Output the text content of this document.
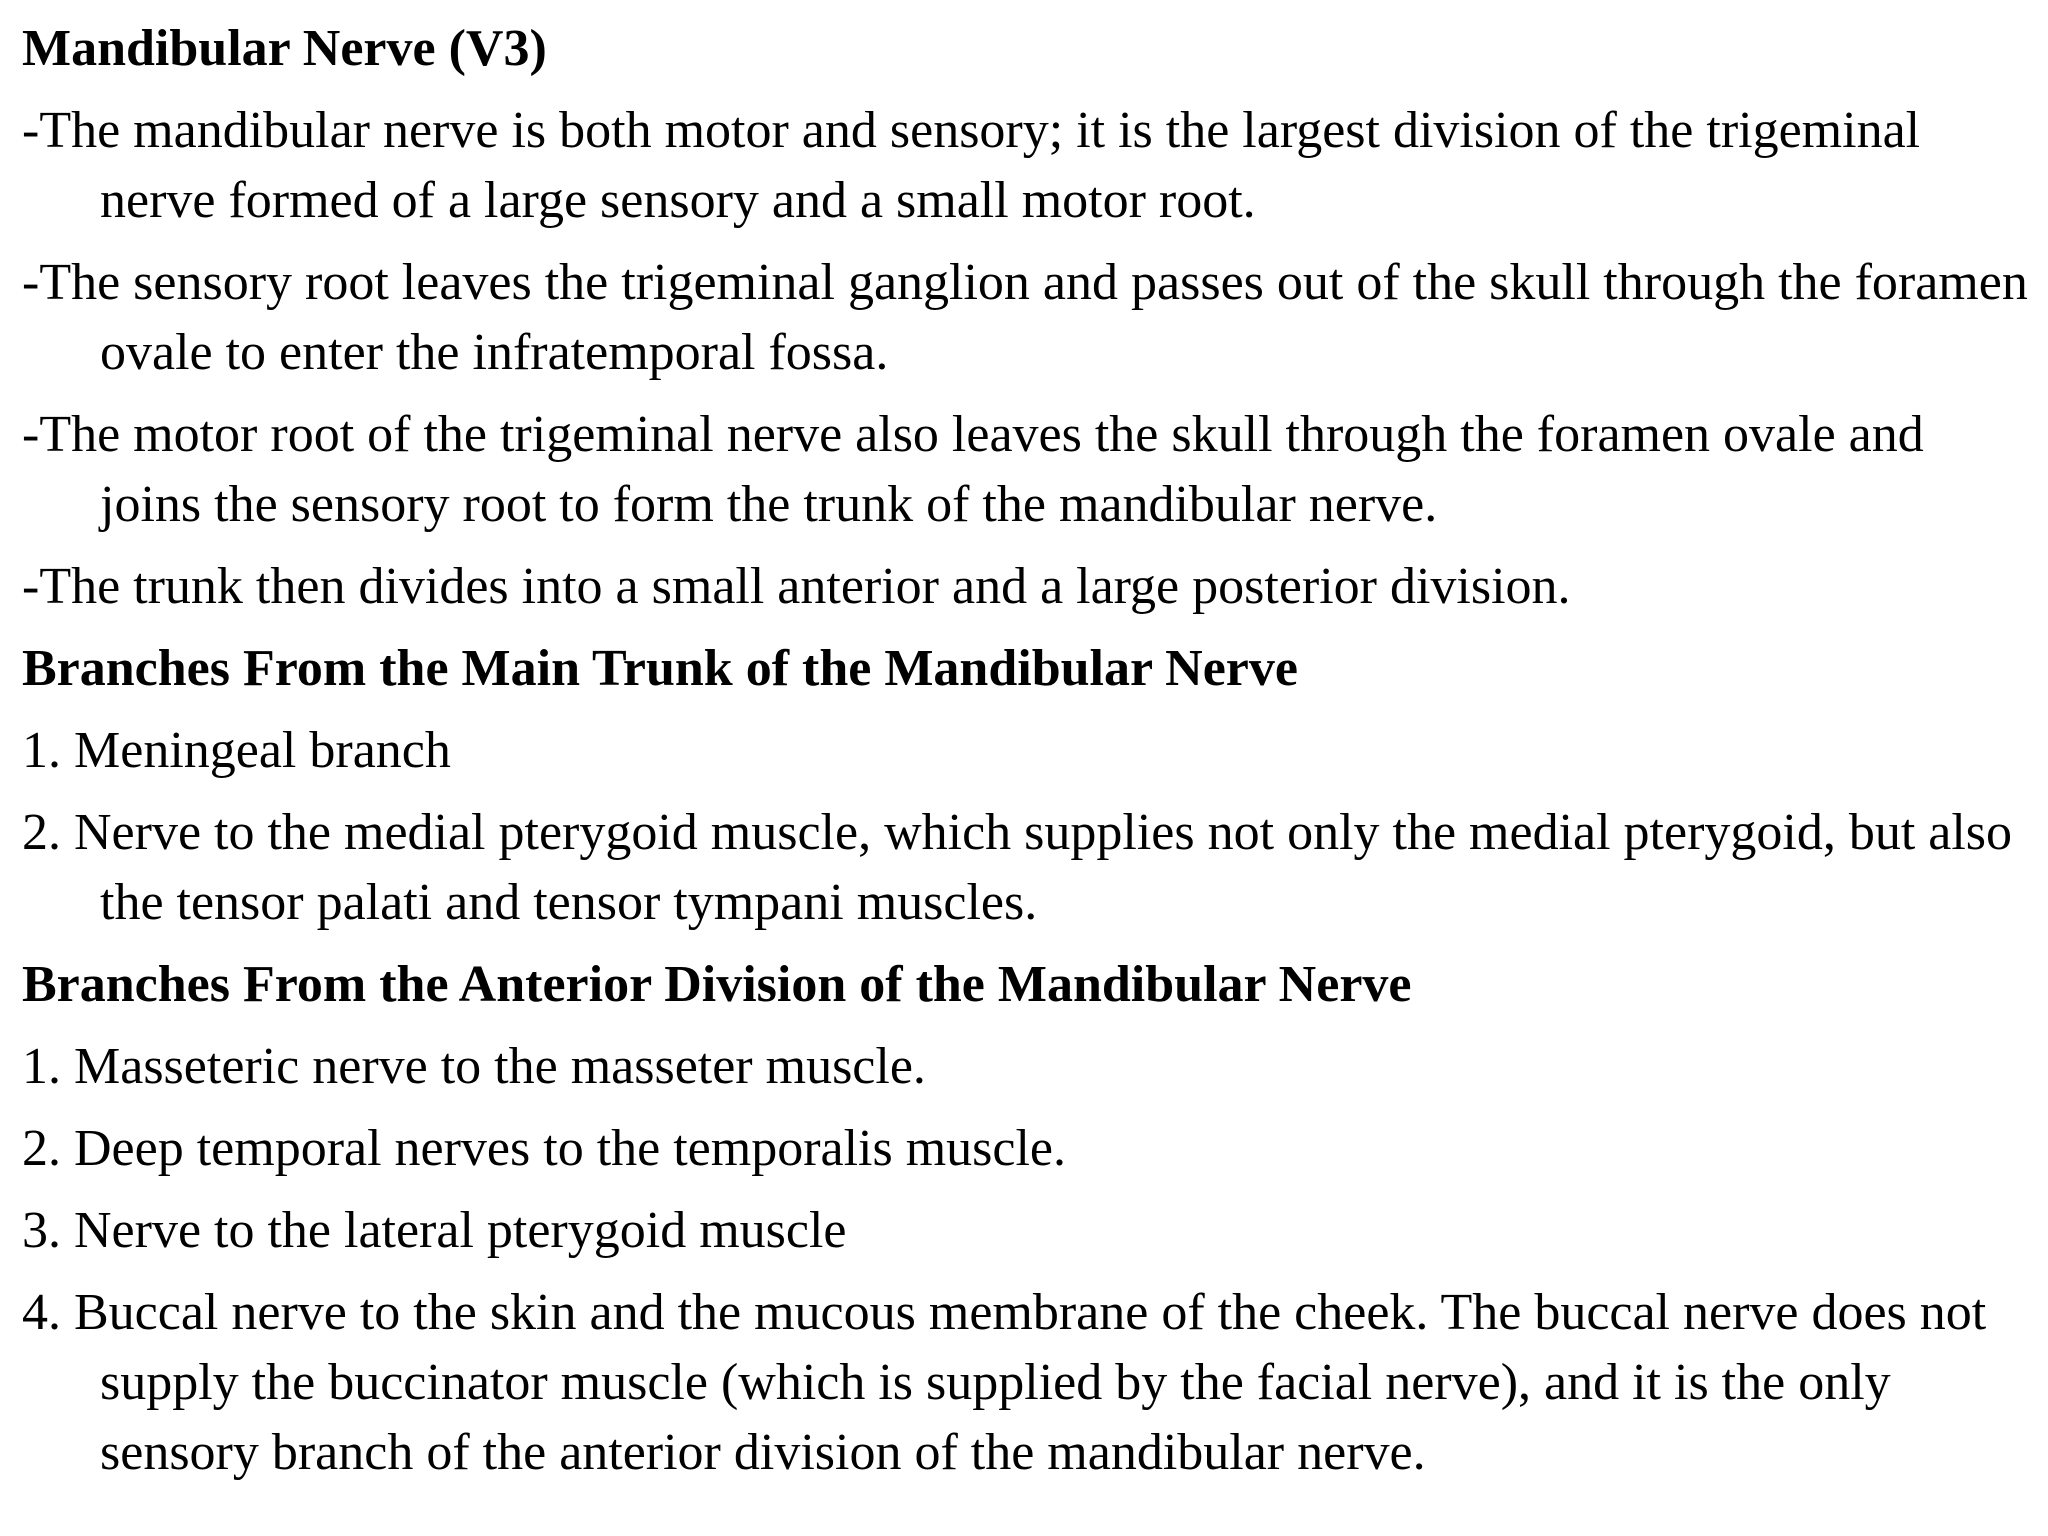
Mandibular Nerve (V3)

-The mandibular nerve is both motor and sensory; it is the largest division of the trigeminal nerve formed of a large sensory and a small motor root.

-The sensory root leaves the trigeminal ganglion and passes out of the skull through the foramen ovale to enter the infratemporal fossa.

-The motor root of the trigeminal nerve also leaves the skull through the foramen ovale and joins the sensory root to form the trunk of the mandibular nerve.

-The trunk then divides into a small anterior and a large posterior division.

Branches From the Main Trunk of the Mandibular Nerve

1. Meningeal branch

2. Nerve to the medial pterygoid muscle, which supplies not only the medial pterygoid, but also the tensor palati and tensor tympani muscles.

Branches From the Anterior Division of the Mandibular Nerve

1. Masseteric nerve to the masseter muscle.

2. Deep temporal nerves to the temporalis muscle.

3. Nerve to the lateral pterygoid muscle

4. Buccal nerve to the skin and the mucous membrane of the cheek. The buccal nerve does not supply the buccinator muscle (which is supplied by the facial nerve), and it is the only sensory branch of the anterior division of the mandibular nerve.
